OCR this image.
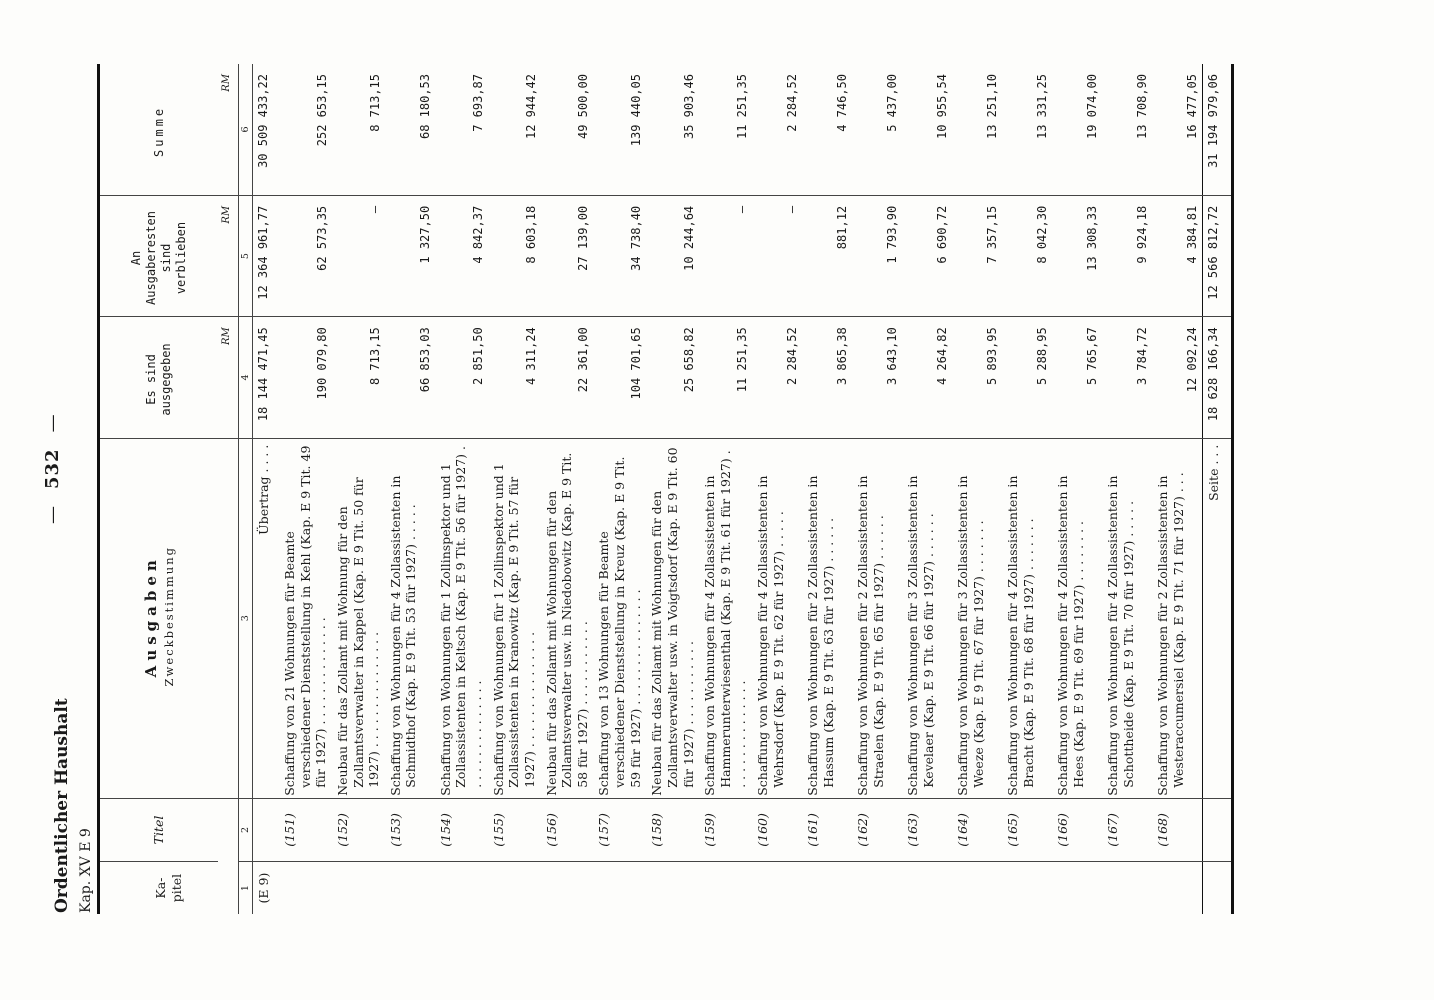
Ordentlicher Haushalt Kap. XV E 9
— 532 —
Ka-pitel	Titel	Ausgaben Zweckbestimmung	Es sind ausgegeben	An Ausgaberesten sind verblieben	Summe
			RM	RM	RM
1	2	3	4	5	6
(E 9)		Übertrag . . . .	18 144 471,45	12 364 961,77	30 509 433,22
	(151)	Schaffung von 21 Wohnungen für Beamte verschiedener Dienststellung in Kehl (Kap. E 9 Tit. 49 für 1927) . . . . . . . . . . . . . .	190 079,80	62 573,35	252 653,15
	(152)	Neubau für das Zollamt mit Wohnung für den Zollamtsverwalter in Kappel (Kap. E 9 Tit. 50 für 1927) . . . . . . . . . . . . . . .	8 713,15	—	8 713,15
	(153)	Schaffung von Wohnungen für 4 Zollassistenten in Schmidthof (Kap. E 9 Tit. 53 für 1927) . . . . .	66 853,03	1 327,50	68 180,53
	(154)	Schaffung von Wohnungen für 1 Zollinspektor und 1 Zollassistenten in Keltsch (Kap. E 9 Tit. 56 für 1927) . . . . . . . . . . . . . . .	2 851,50	4 842,37	7 693,87
	(155)	Schaffung von Wohnungen für 1 Zollinspektor und 1 Zollassistenten in Kranowitz (Kap. E 9 Tit. 57 für 1927) . . . . . . . . . . . . . . .	4 311,24	8 603,18	12 944,42
	(156)	Neubau für das Zollamt mit Wohnungen für den Zollamtsverwalter usw. in Niedobowitz (Kap. E 9 Tit. 58 für 1927) . . . . . . . . . . .	22 361,00	27 139,00	49 500,00
	(157)	Schaffung von 13 Wohnungen für Beamte verschiedener Dienststellung in Kreuz (Kap. E 9 Tit. 59 für 1927) . . . . . . . . . . . . . . .	104 701,65	34 738,40	139 440,05
	(158)	Neubau für das Zollamt mit Wohnungen für den Zollamtsverwalter usw. in Voigtsdorf (Kap. E 9 Tit. 60 für 1927) . . . . . . . . . . .	25 658,82	10 244,64	35 903,46
	(159)	Schaffung von Wohnungen für 4 Zollassistenten in Hammerunterwiesenthal (Kap. E 9 Tit. 61 für 1927) . . . . . . . . . . . . . . .	11 251,35	—	11 251,35
	(160)	Schaffung von Wohnungen für 4 Zollassistenten in Wehrsdorf (Kap. E 9 Tit. 62 für 1927) . . . . .	2 284,52	—	2 284,52
	(161)	Schaffung von Wohnungen für 2 Zollassistenten in Hassum (Kap. E 9 Tit. 63 für 1927) . . . . . .	3 865,38	881,12	4 746,50
	(162)	Schaffung von Wohnungen für 2 Zollassistenten in Straelen (Kap. E 9 Tit. 65 für 1927) . . . . . .	3 643,10	1 793,90	5 437,00
	(163)	Schaffung von Wohnungen für 3 Zollassistenten in Kevelaer (Kap. E 9 Tit. 66 für 1927) . . . . . .	4 264,82	6 690,72	10 955,54
	(164)	Schaffung von Wohnungen für 3 Zollassistenten in Weeze (Kap. E 9 Tit. 67 für 1927) . . . . . . .	5 893,95	7 357,15	13 251,10
	(165)	Schaffung von Wohnungen für 4 Zollassistenten in Bracht (Kap. E 9 Tit. 68 für 1927) . . . . . . .	5 288,95	8 042,30	13 331,25
	(166)	Schaffung von Wohnungen für 4 Zollassistenten in Hees (Kap. E 9 Tit. 69 für 1927) . . . . . . . .	5 765,67	13 308,33	19 074,00
	(167)	Schaffung von Wohnungen für 4 Zollassistenten in Schottheide (Kap. E 9 Tit. 70 für 1927) . . . . .	3 784,72	9 924,18	13 708,90
	(168)	Schaffung von Wohnungen für 2 Zollassistenten in Westeraccumersiel (Kap. E 9 Tit. 71 für 1927) . . .	12 092,24	4 384,81	16 477,05
		Seite . . .	18 628 166,34	12 566 812,72	31 194 979,06
